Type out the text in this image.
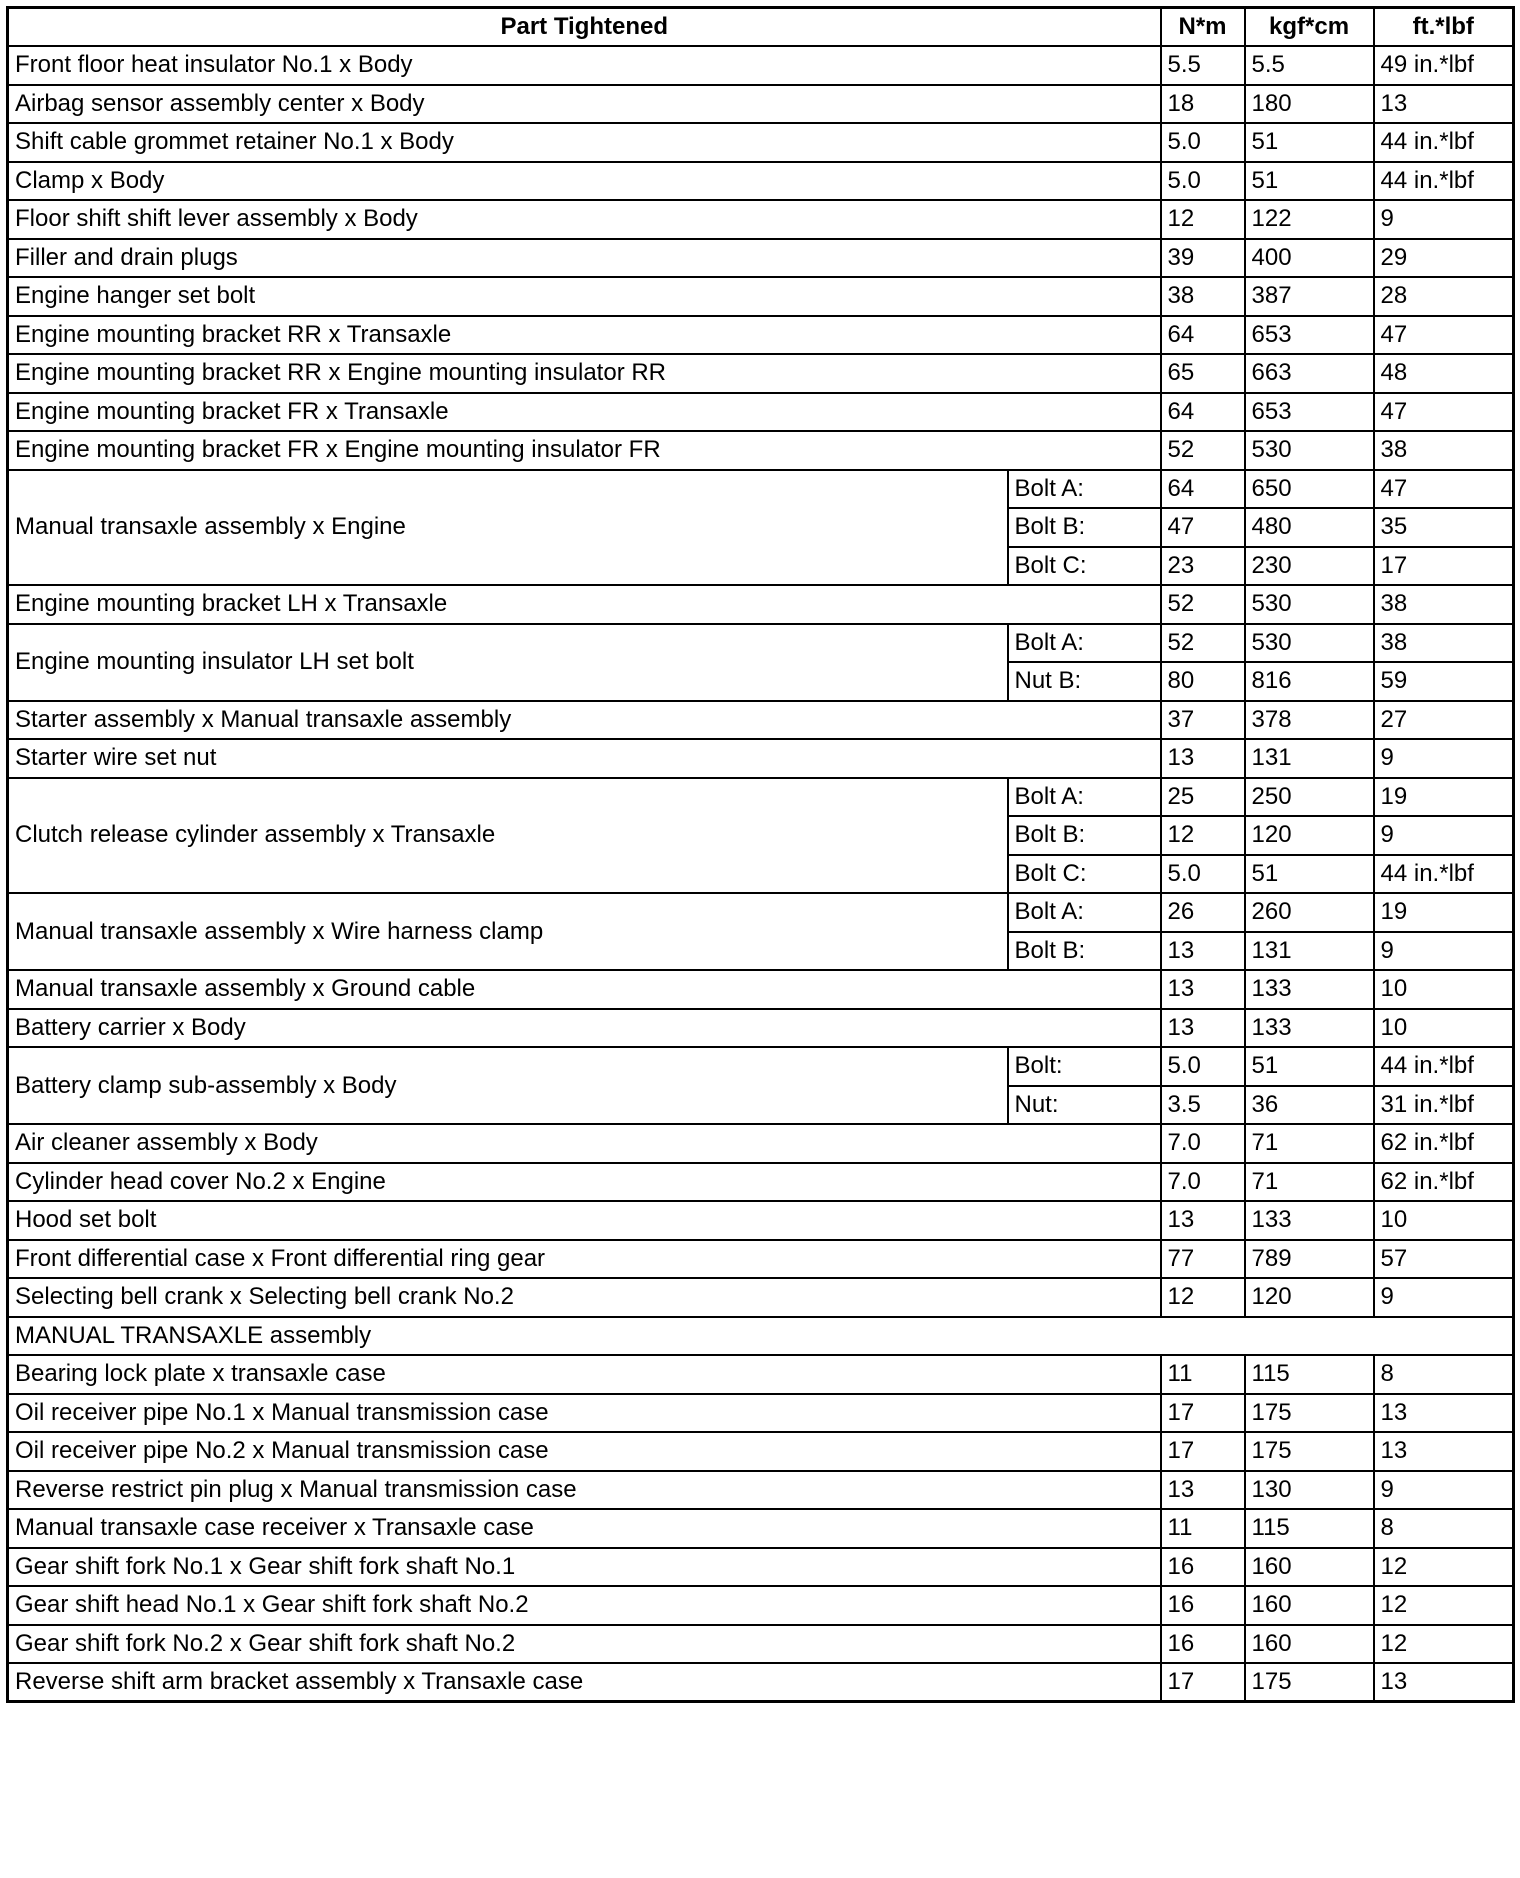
Part Tightened		N*m	kgf*cm	ft.*lbf
Front floor heat insulator No.1 x Body		5.5	5.5	49 in.*lbf
Airbag sensor assembly center x Body		18	180	13
Shift cable grommet retainer No.1 x Body		5.0	51	44 in.*lbf
Clamp x Body		5.0	51	44 in.*lbf
Floor shift shift lever assembly x Body		12	122	9
Filler and drain plugs		39	400	29
Engine hanger set bolt		38	387	28
Engine mounting bracket RR x Transaxle		64	653	47
Engine mounting bracket RR x Engine mounting insulator RR		65	663	48
Engine mounting bracket FR x Transaxle		64	653	47
Engine mounting bracket FR x Engine mounting insulator FR		52	530	38
Manual transaxle assembly x Engine	Bolt A:	64	650	47
	Bolt B:	47	480	35
	Bolt C:	23	230	17
Engine mounting bracket LH x Transaxle		52	530	38
Engine mounting insulator LH set bolt	Bolt A:	52	530	38
	Nut B:	80	816	59
Starter assembly x Manual transaxle assembly		37	378	27
Starter wire set nut		13	131	9
Clutch release cylinder assembly x Transaxle	Bolt A:	25	250	19
	Bolt B:	12	120	9
	Bolt C:	5.0	51	44 in.*lbf
Manual transaxle assembly x Wire harness clamp	Bolt A:	26	260	19
	Bolt B:	13	131	9
Manual transaxle assembly x Ground cable		13	133	10
Battery carrier x Body		13	133	10
Battery clamp sub-assembly x Body	Bolt:	5.0	51	44 in.*lbf
	Nut:	3.5	36	31 in.*lbf
Air cleaner assembly x Body		7.0	71	62 in.*lbf
Cylinder head cover No.2 x Engine		7.0	71	62 in.*lbf
Hood set bolt		13	133	10
Front differential case x Front differential ring gear		77	789	57
Selecting bell crank x Selecting bell crank No.2		12	120	9
MANUAL TRANSAXLE assembly				
Bearing lock plate x transaxle case		11	115	8
Oil receiver pipe No.1 x Manual transmission case		17	175	13
Oil receiver pipe No.2 x Manual transmission case		17	175	13
Reverse restrict pin plug x Manual transmission case		13	130	9
Manual transaxle case receiver x Transaxle case		11	115	8
Gear shift fork No.1 x Gear shift fork shaft No.1		16	160	12
Gear shift head No.1 x Gear shift fork shaft No.2		16	160	12
Gear shift fork No.2 x Gear shift fork shaft No.2		16	160	12
Reverse shift arm bracket assembly x Transaxle case		17	175	13
